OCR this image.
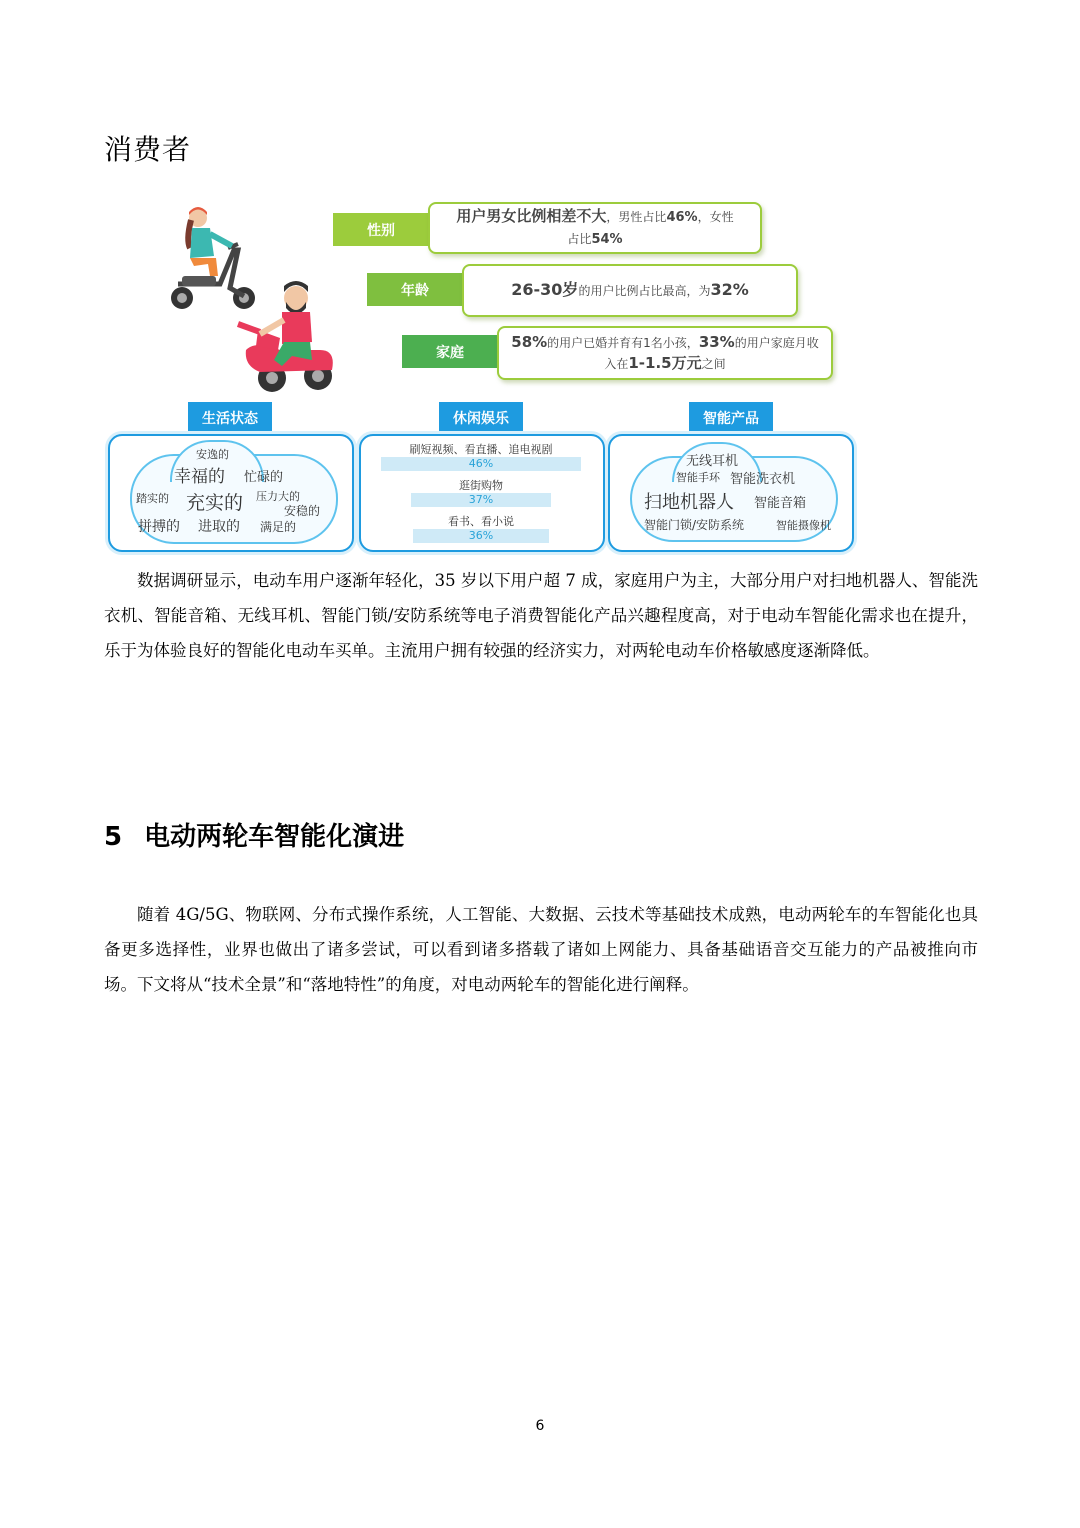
消费者
性别
用户男女比例相差不大，男性占比46%，女性
占比54%
年龄	26-30岁的用户比例占比最高，为32%
家庭
58%的用户已婚并育有1名小孩，33%的用户家庭月收
入在1-1.5万元之间
生活状态
安逸的
幸福的 忙碌的
踏实的 充实的 压力大的
安稳的
拼搏的 进取的 满足的
休闲娱乐
刷短视频、看直播、追电视剧
46%
逛街购物
37%
看书、看小说
36%
智能产品
无线耳机
智能手环 智能洗衣机
扫地机器人 智能音箱
智能门锁/安防系统	智能摄像机

数据调研显示，电动车用户逐渐年轻化，35 岁以下用户超 7 成，家庭用户为主，大部分用户对扫地机器人、智能洗衣机、智能音箱、无线耳机、智能门锁/安防系统等电子消费智能化产品兴趣程度高，对于电动车智能化需求也在提升，乐于为体验良好的智能化电动车买单。主流用户拥有较强的经济实力，对两轮电动车价格敏感度逐渐降低。

5 电动两轮车智能化演进

随着 4G/5G、物联网、分布式操作系统，人工智能、大数据、云技术等基础技术成熟，电动两轮车的车智能化也具备更多选择性，业界也做出了诸多尝试，可以看到诸多搭载了诸如上网能力、具备基础语音交互能力的产品被推向市场。下文将从“技术全景”和“落地特性”的角度，对电动两轮车的智能化进行阐释。

6
